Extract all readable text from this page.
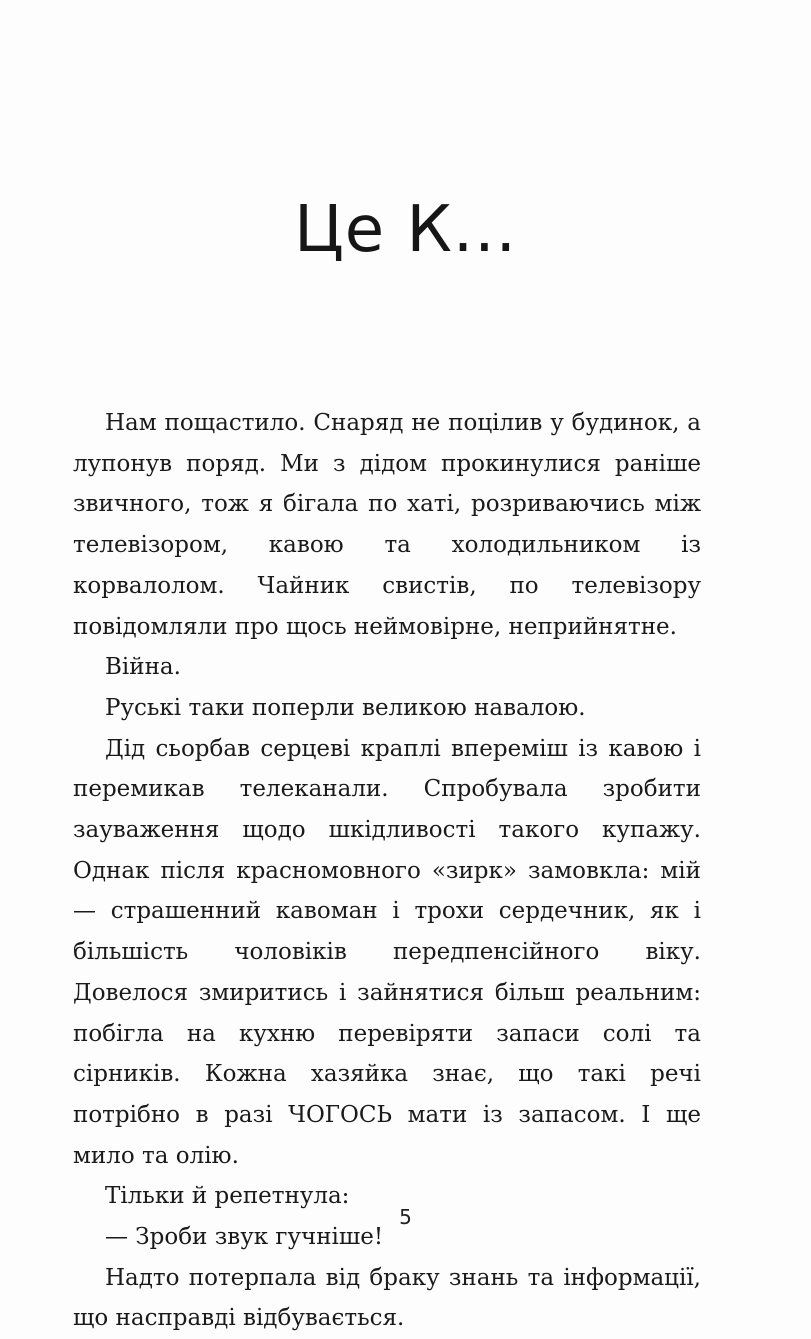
Це К...

Нам пощастило. Снаряд не поцілив у будинок, а лупонув поряд. Ми з дідом прокинулися раніше звичного, тож я бігала по хаті, розриваючись між телевізором, кавою та холодильником із корвалолом. Чайник свистів, по телевізору повідомляли про щось неймовірне, неприйнятне.

Війна.

Руські таки поперли великою навалою.

Дід сьорбав серцеві краплі впереміш із кавою і перемикав телеканали. Спробувала зробити зауваження щодо шкідливості такого купажу. Однак після красномовного «зирк» замовкла: мій — страшенний кавоман і трохи сердечник, як і більшість чоловіків передпенсійного віку. Довелося змиритись і зайнятися більш реальним: побігла на кухню перевіряти запаси солі та сірників. Кожна хазяйка знає, що такі речі потрібно в разі ЧОГОСЬ мати із запасом. І ще мило та олію.

Тільки й репетнула:

— Зроби звук гучніше!

Надто потерпала від браку знань та інформації, що насправді відбувається.

5
